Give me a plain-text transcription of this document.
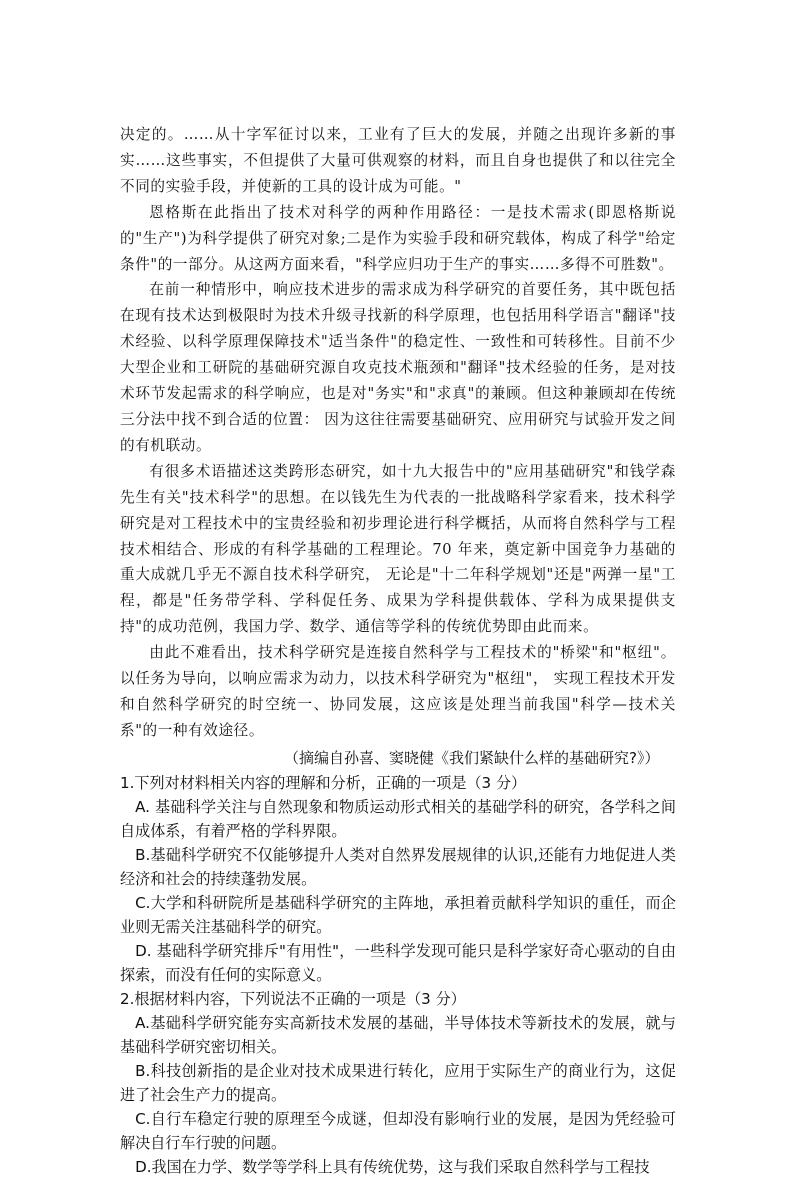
决定的。……从十字军征讨以来，工业有了巨大的发展，并随之出现许多新的事实……这些事实，不但提供了大量可供观察的材料，而且自身也提供了和以往完全不同的实验手段，并使新的工具的设计成为可能。"

恩格斯在此指出了技术对科学的两种作用路径：一是技术需求(即恩格斯说的"生产")为科学提供了研究对象;二是作为实验手段和研究载体，构成了科学"给定条件"的一部分。从这两方面来看，"科学应归功于生产的事实……多得不可胜数"。

在前一种情形中，响应技术进步的需求成为科学研究的首要任务，其中既包括在现有技术达到极限时为技术升级寻找新的科学原理，也包括用科学语言"翻译"技术经验、以科学原理保障技术"适当条件"的稳定性、一致性和可转移性。目前不少大型企业和工研院的基础研究源自攻克技术瓶颈和"翻译"技术经验的任务，是对技术环节发起需求的科学响应，也是对"务实"和"求真"的兼顾。但这种兼顾却在传统三分法中找不到合适的位置： 因为这往往需要基础研究、应用研究与试验开发之间的有机联动。

有很多术语描述这类跨形态研究，如十九大报告中的"应用基础研究"和钱学森先生有关"技术科学"的思想。在以钱先生为代表的一批战略科学家看来，技术科学研究是对工程技术中的宝贵经验和初步理论进行科学概括，从而将自然科学与工程技术相结合、形成的有科学基础的工程理论。70 年来，奠定新中国竞争力基础的重大成就几乎无不源自技术科学研究， 无论是"十二年科学规划"还是"两弹一星"工程，都是"任务带学科、学科促任务、成果为学科提供载体、学科为成果提供支持"的成功范例，我国力学、数学、通信等学科的传统优势即由此而来。

由此不难看出，技术科学研究是连接自然科学与工程技术的"桥梁"和"枢纽"。以任务为导向，以响应需求为动力，以技术科学研究为"枢纽"， 实现工程技术开发和自然科学研究的时空统一、协同发展，这应该是处理当前我国"科学—技术关系"的一种有效途径。

（摘编自孙喜、窦晓健《我们紧缺什么样的基础研究?》）

1.下列对材料相关内容的理解和分析，正确的一项是（3 分）

A. 基础科学关注与自然现象和物质运动形式相关的基础学科的研究，各学科之间自成体系，有着严格的学科界限。

B.基础科学研究不仅能够提升人类对自然界发展规律的认识,还能有力地促进人类经济和社会的持续蓬勃发展。

C.大学和科研院所是基础科学研究的主阵地，承担着贡献科学知识的重任，而企业则无需关注基础科学的研究。

D. 基础科学研究排斥"有用性"，一些科学发现可能只是科学家好奇心驱动的自由探索，而没有任何的实际意义。

2.根据材料内容，下列说法不正确的一项是（3 分）

A.基础科学研究能夯实高新技术发展的基础，半导体技术等新技术的发展，就与基础科学研究密切相关。

B.科技创新指的是企业对技术成果进行转化，应用于实际生产的商业行为，这促进了社会生产力的提高。

C.自行车稳定行驶的原理至今成谜，但却没有影响行业的发展，是因为凭经验可解决自行车行驶的问题。

D.我国在力学、数学等学科上具有传统优势，这与我们采取自然科学与工程技
